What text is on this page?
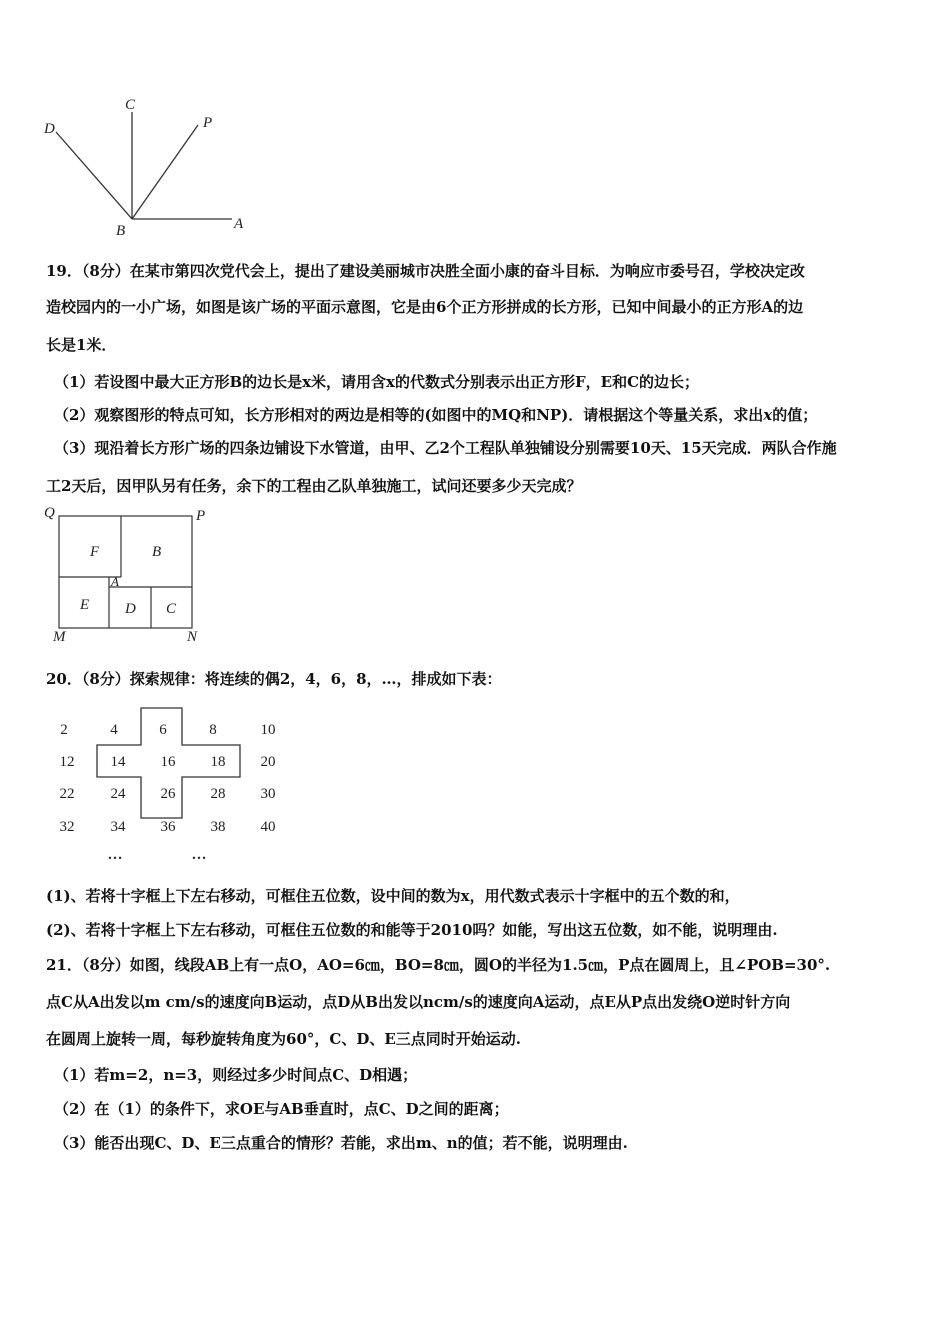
D
C
P
B	A
19．（8分）在某市第四次党代会上，提出了建设美丽城市决胜全面小康的奋斗目标．为响应市委号召，学校决定改
造校园内的一小广场，如图是该广场的平面示意图，它是由6个正方形拼成的长方形，已知中间最小的正方形A的边
长是1米．
（1）若设图中最大正方形B的边长是x米，请用含x的代数式分别表示出正方形F，E和C的边长；
（2）观察图形的特点可知，长方形相对的两边是相等的(如图中的MQ和NP)．请根据这个等量关系，求出x的值；
（3）现沿着长方形广场的四条边铺设下水管道，由甲、乙2个工程队单独铺设分别需要10天、15天完成．两队合作施
工2天后，因甲队另有任务，余下的工程由乙队单独施工，试问还要多少天完成？
Q	P
M	N
F	B
A
E D C
20．（8分）探索规律：将连续的偶2，4，6，8，…，排成如下表：
2	4	6	8	10
12 14 16 18 20
22 24 26 28 30
32 34 36 38 40
…	…
(1)、若将十字框上下左右移动，可框住五位数，设中间的数为x，用代数式表示十字框中的五个数的和，
(2)、若将十字框上下左右移动，可框住五位数的和能等于2010吗？如能，写出这五位数，如不能，说明理由.
21．（8分）如图，线段AB上有一点O，AO=6㎝，BO=8㎝，圆O的半径为1.5㎝，P点在圆周上，且∠POB=30°.
点C从A出发以m cm/s的速度向B运动，点D从B出发以ncm/s的速度向A运动，点E从P点出发绕O逆时针方向
在圆周上旋转一周，每秒旋转角度为60°，C、D、E三点同时开始运动.
（1）若m=2，n=3，则经过多少时间点C、D相遇；
（2）在（1）的条件下，求OE与AB垂直时，点C、D之间的距离；
（3）能否出现C、D、E三点重合的情形？若能，求出m、n的值；若不能，说明理由.
